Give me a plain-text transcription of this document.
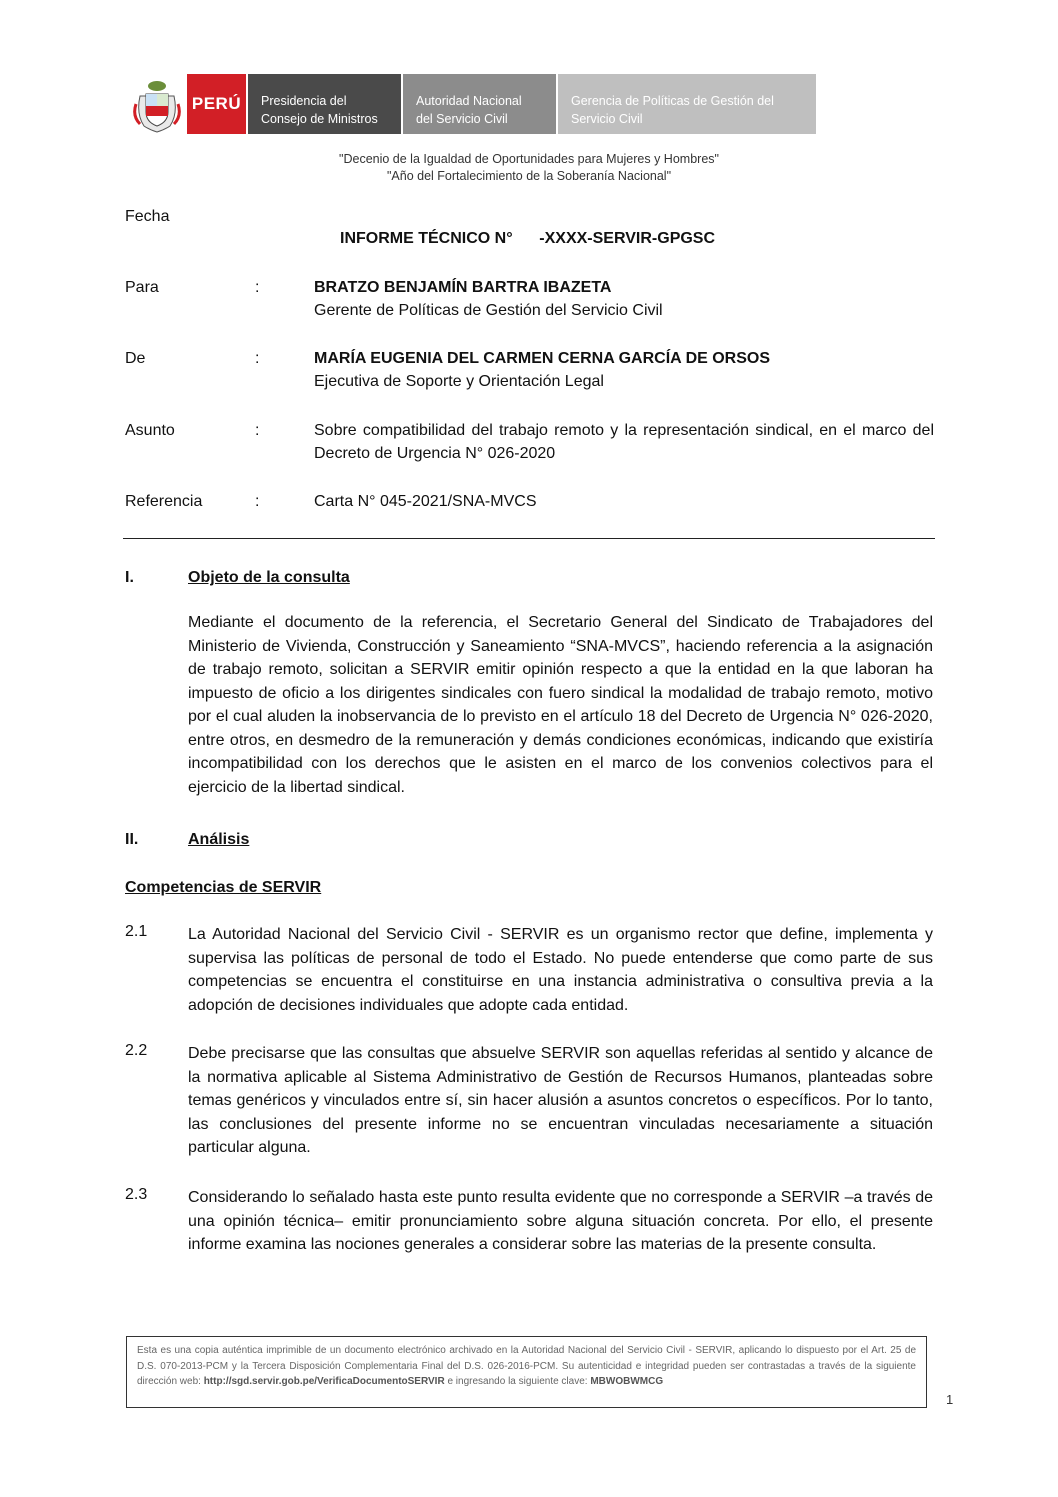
PERÚ	Presidencia del
Consejo de Ministros
Autoridad Nacional
del Servicio Civil
Gerencia de Políticas de Gestión del
Servicio Civil
"Decenio de la Igualdad de Oportunidades para Mujeres y Hombres"
"Año del Fortalecimiento de la Soberanía Nacional"
Fecha
INFORME TÉCNICO N°      -XXXX-SERVIR-GPGSC
Para	:	BRATZO BENJAMÍN BARTRA IBAZETA
Gerente de Políticas de Gestión del Servicio Civil
De	:	MARÍA EUGENIA DEL CARMEN CERNA GARCÍA DE ORSOS
Ejecutiva de Soporte y Orientación Legal
Asunto	:	Sobre compatibilidad del trabajo remoto y la representación sindical, en el marco del Decreto de Urgencia N° 026-2020
Referencia	:	Carta N° 045-2021/SNA-MVCS
I.	Objeto de la consulta
Mediante el documento de la referencia, el Secretario General del Sindicato de Trabajadores del Ministerio de Vivienda, Construcción y Saneamiento “SNA-MVCS”, haciendo referencia a la asignación de trabajo remoto, solicitan a SERVIR emitir opinión respecto a que la entidad en la que laboran ha impuesto de oficio a los dirigentes sindicales con fuero sindical la modalidad de trabajo remoto, motivo por el cual aluden la inobservancia de lo previsto en el artículo 18 del Decreto de Urgencia N° 026-2020, entre otros, en desmedro de la remuneración y demás condiciones económicas, indicando que existiría incompatibilidad con los derechos que le asisten en el marco de los convenios colectivos para el ejercicio de la libertad sindical.
II.	Análisis
Competencias de SERVIR
2.1	La Autoridad Nacional del Servicio Civil - SERVIR es un organismo rector que define, implementa y supervisa las políticas de personal de todo el Estado. No puede entenderse que como parte de sus competencias se encuentra el constituirse en una instancia administrativa o consultiva previa a la adopción de decisiones individuales que adopte cada entidad.
2.2	Debe precisarse que las consultas que absuelve SERVIR son aquellas referidas al sentido y alcance de la normativa aplicable al Sistema Administrativo de Gestión de Recursos Humanos, planteadas sobre temas genéricos y vinculados entre sí, sin hacer alusión a asuntos concretos o específicos. Por lo tanto, las conclusiones del presente informe no se encuentran vinculadas necesariamente a situación particular alguna.
2.3	Considerando lo señalado hasta este punto resulta evidente que no corresponde a SERVIR –a través de una opinión técnica– emitir pronunciamiento sobre alguna situación concreta. Por ello, el presente informe examina las nociones generales a considerar sobre las materias de la presente consulta.
Esta es una copia auténtica imprimible de un documento electrónico archivado en la Autoridad Nacional del Servicio Civil - SERVIR, aplicando lo dispuesto por el Art. 25 de D.S. 070-2013-PCM y la Tercera Disposición Complementaria Final del D.S. 026-2016-PCM. Su autenticidad e integridad pueden ser contrastadas a través de la siguiente dirección web: http://sgd.servir.gob.pe/VerificaDocumentoSERVIR e ingresando la siguiente clave: MBWOBWMCG
1
